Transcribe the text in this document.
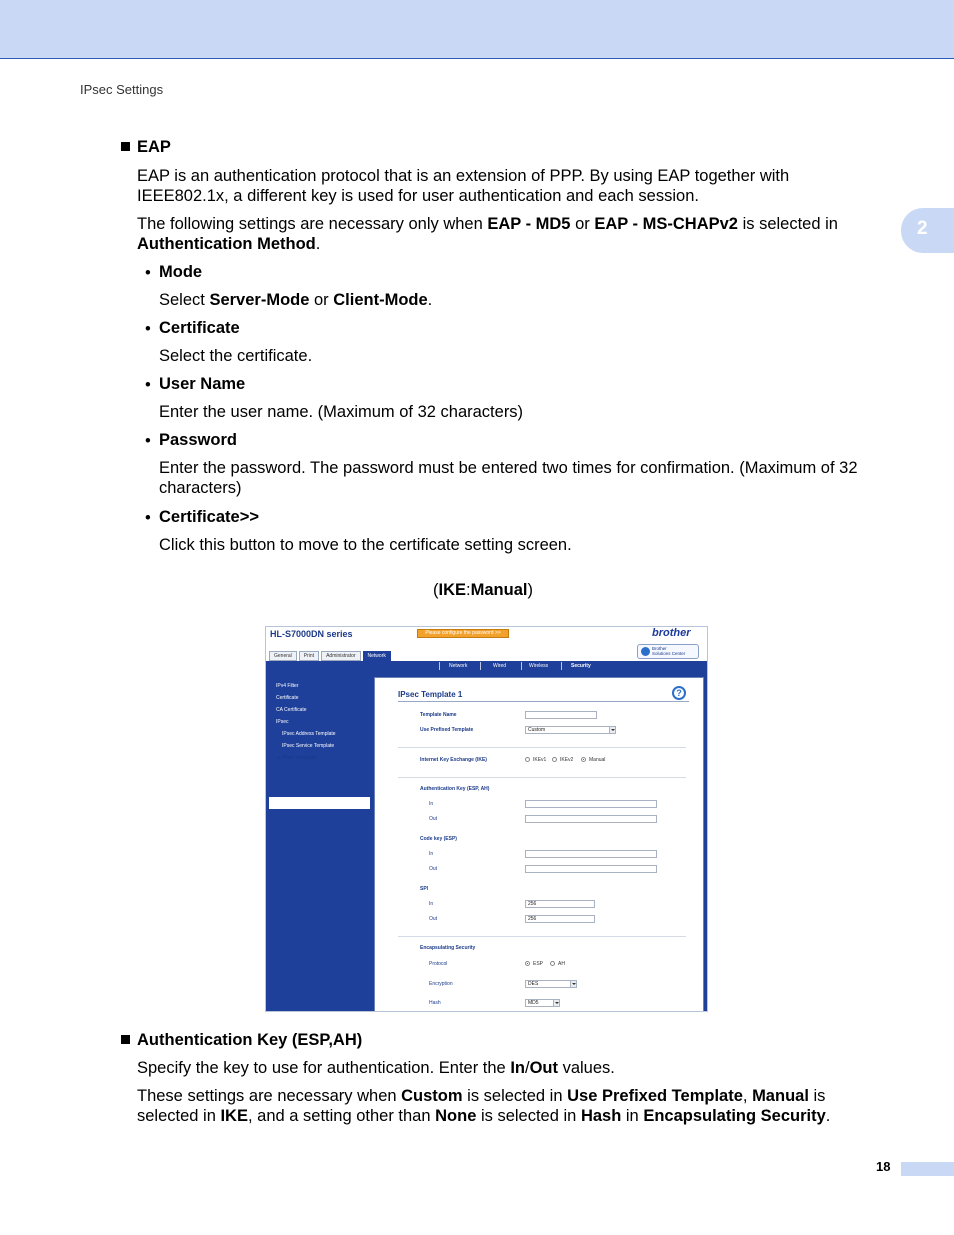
IPsec Settings
2
EAP
EAP is an authentication protocol that is an extension of PPP. By using EAP together with IEEE802.1x, a different key is used for user authentication and each session.
The following settings are necessary only when EAP - MD5 or EAP - MS-CHAPv2 is selected in Authentication Method.
• Mode
Select Server-Mode or Client-Mode.
• Certificate
Select the certificate.
• User Name
Enter the user name. (Maximum of 32 characters)
• Password
Enter the password. The password must be entered two times for confirmation. (Maximum of 32 characters)
• Certificate>>
Click this button to move to the certificate setting screen.
(IKE:Manual)
HL-S7000DN series	Please configure the password >>	brother
Brother
Solutions Center
General	Print	Administrator	Network
Network	Wired	Wireless	Security
IPv4 Filter
Certificate
CA Certificate
IPsec
IPsec Address Template
IPsec Service Template
▸ IPsec Template
IPsec Template 1	?
Template Name
Use Prefixed Template	Custom
Internet Key Exchange (IKE)	IKEv1	IKEv2	Manual
Authentication Key (ESP, AH)
In
Out
Code key (ESP)
In
Out
SPI
In	256
Out	256
Encapsulating Security
Protocol	ESP	AH
Encryption	DES
Hash	MD5
Authentication Key (ESP,AH)
Specify the key to use for authentication. Enter the In/Out values.
These settings are necessary when Custom is selected in Use Prefixed Template, Manual is selected in IKE, and a setting other than None is selected in Hash in Encapsulating Security.
18
